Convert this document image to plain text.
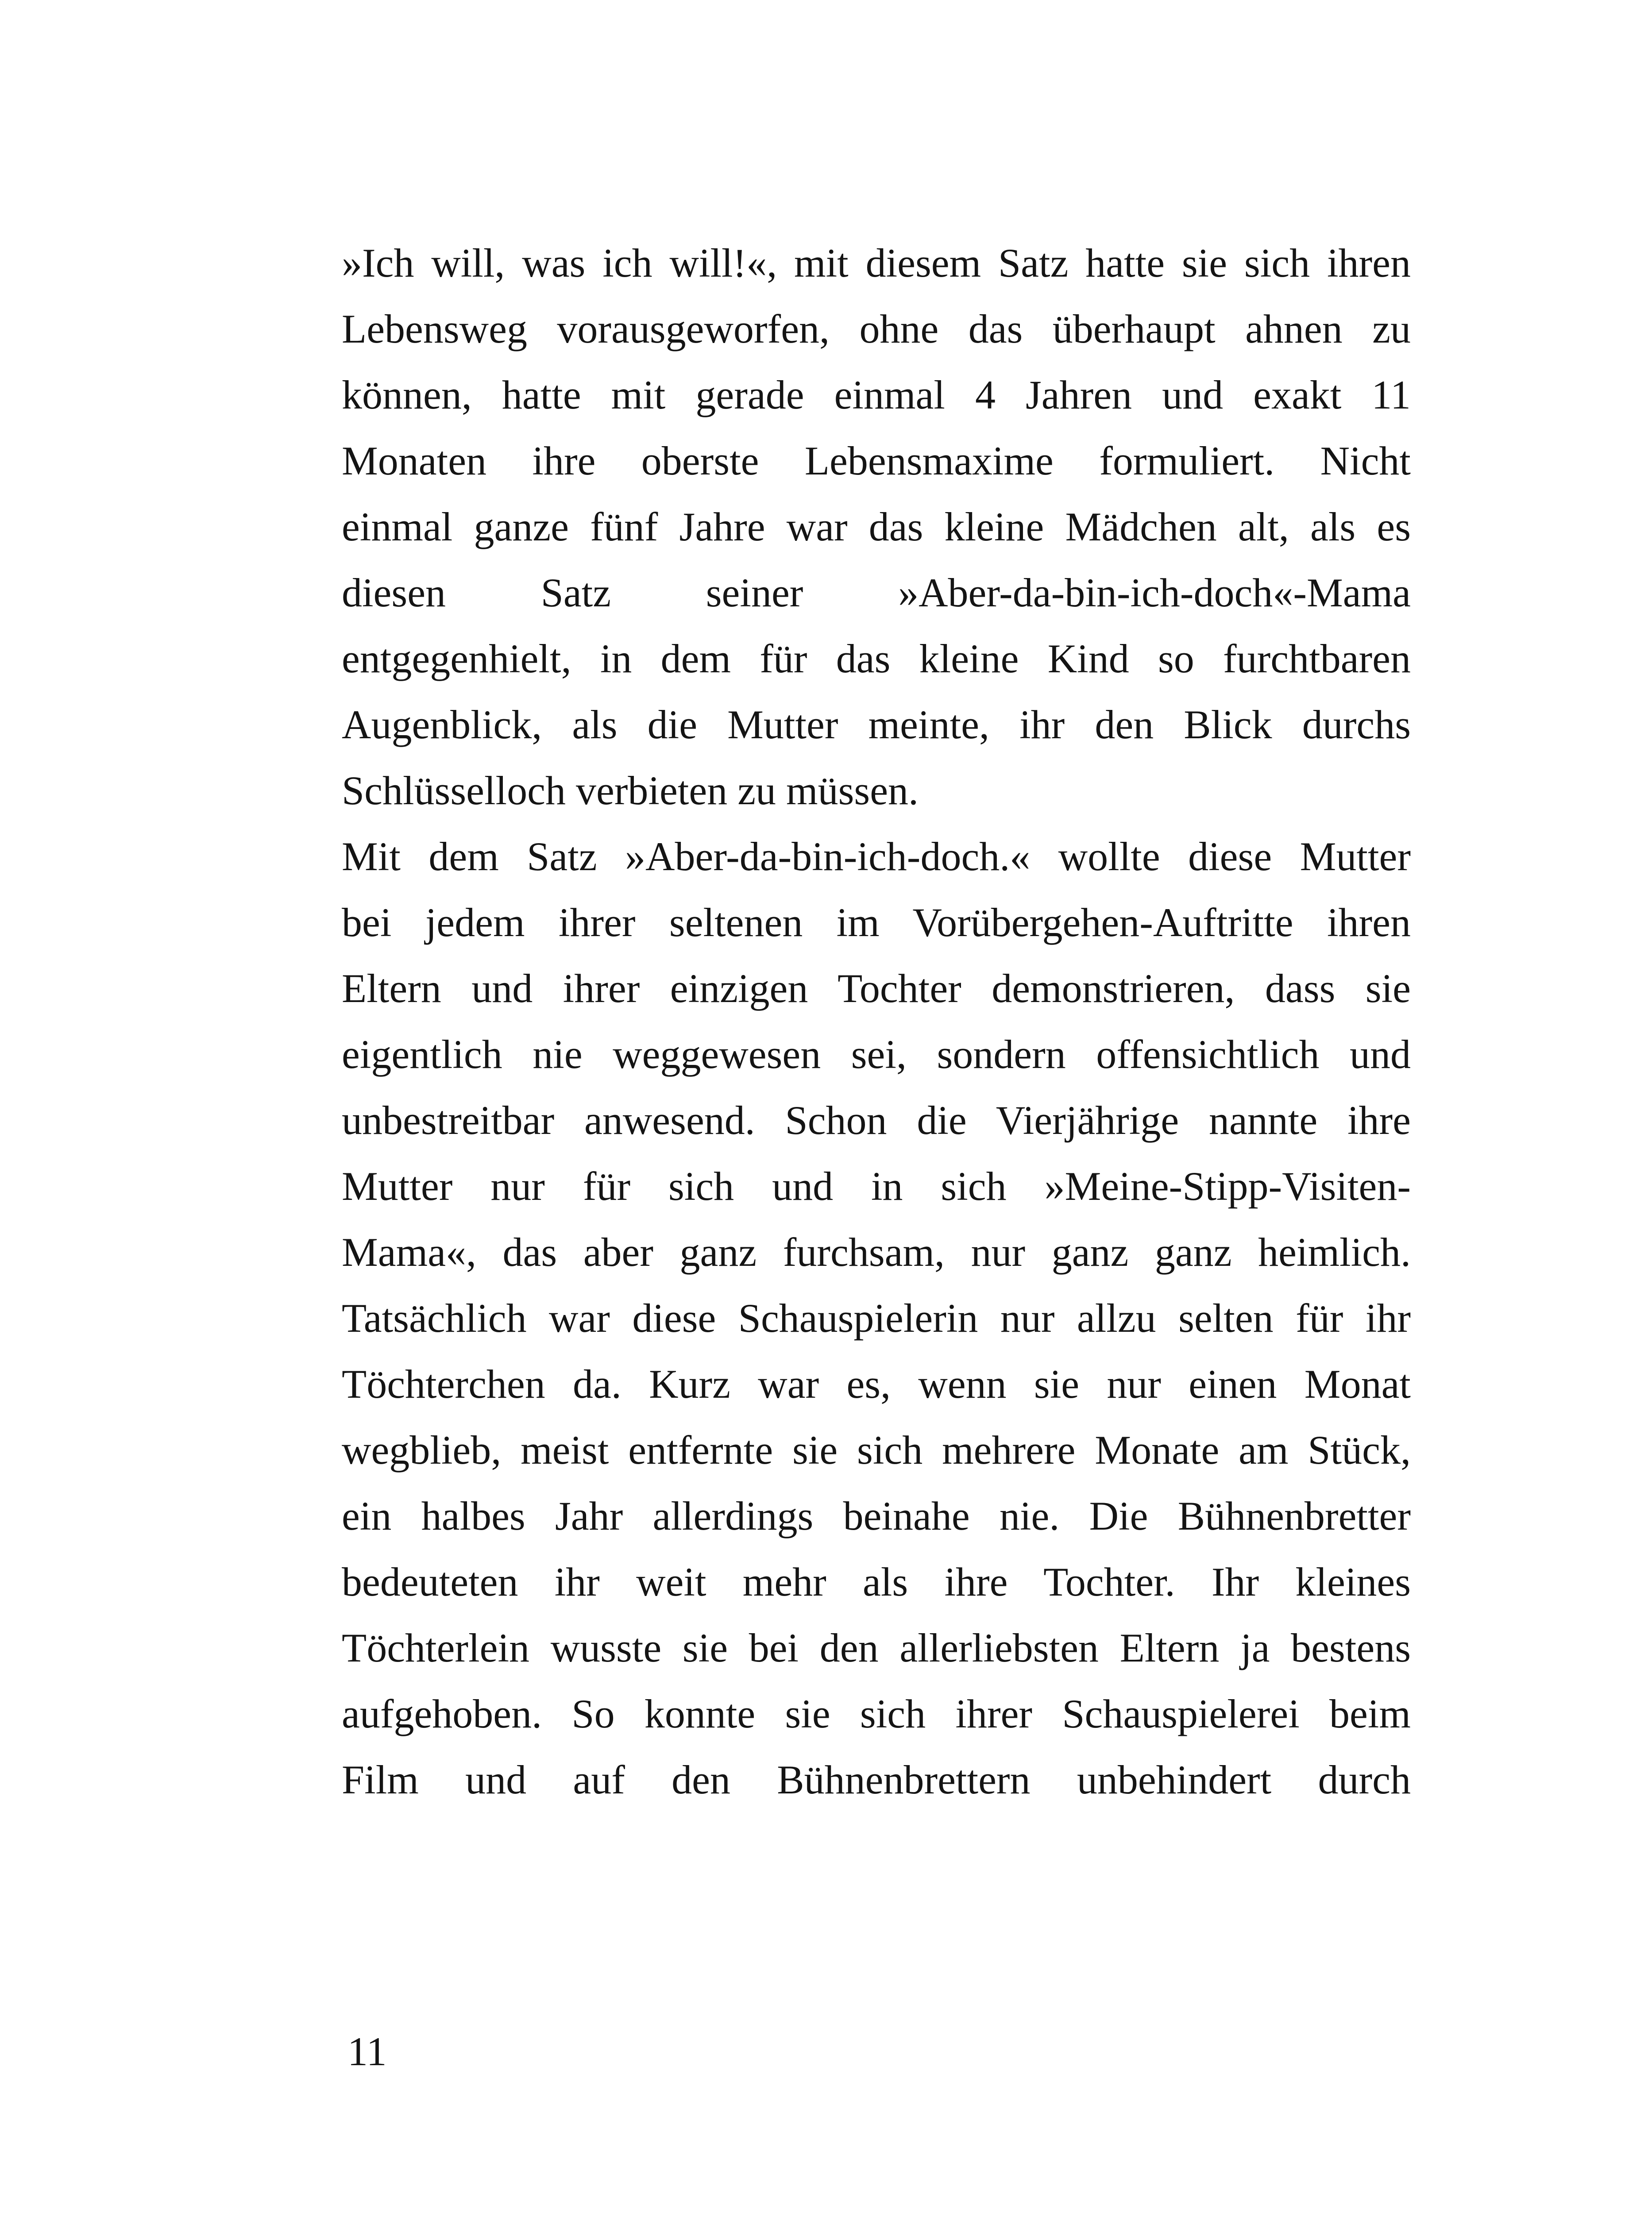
»Ich will, was ich will!«, mit diesem Satz hatte sie sich ihren
Lebensweg vorausgeworfen, ohne das überhaupt ahnen zu
können, hatte mit gerade einmal 4 Jahren und exakt 11
Monaten ihre oberste Lebensmaxime formuliert. Nicht
einmal ganze fünf Jahre war das kleine Mädchen alt, als es
diesen Satz seiner »Aber-da-bin-ich-doch«-Mama
entgegenhielt, in dem für das kleine Kind so furchtbaren
Augenblick, als die Mutter meinte, ihr den Blick durchs
Schlüsselloch verbieten zu müssen.
Mit dem Satz »Aber-da-bin-ich-doch.« wollte diese Mutter
bei jedem ihrer seltenen im Vorübergehen-Auftritte ihren
Eltern und ihrer einzigen Tochter demonstrieren, dass sie
eigentlich nie weggewesen sei, sondern offensichtlich und
unbestreitbar anwesend. Schon die Vierjährige nannte ihre
Mutter nur für sich und in sich »Meine-Stipp-Visiten-
Mama«, das aber ganz furchsam, nur ganz ganz heimlich.
Tatsächlich war diese Schauspielerin nur allzu selten für ihr
Töchterchen da. Kurz war es, wenn sie nur einen Monat
wegblieb, meist entfernte sie sich mehrere Monate am Stück,
ein halbes Jahr allerdings beinahe nie. Die Bühnenbretter
bedeuteten ihr weit mehr als ihre Tochter. Ihr kleines
Töchterlein wusste sie bei den allerliebsten Eltern ja bestens
aufgehoben. So konnte sie sich ihrer Schauspielerei beim
Film und auf den Bühnenbrettern unbehindert durch
11
